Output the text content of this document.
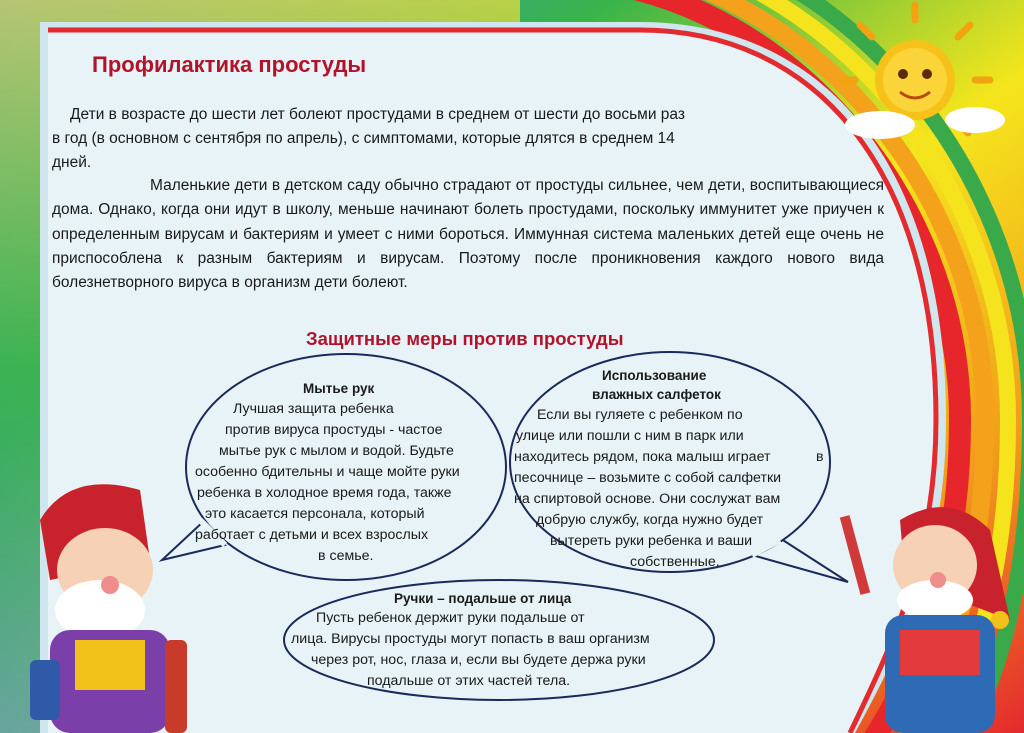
Профилактика простуды
Дети в возрасте до шести лет болеют простудами в среднем от шести до восьми раз
в год (в основном с сентября по апрель), с симптомами, которые длятся в среднем 14
дней.
Маленькие дети в детском саду обычно страдают от простуды сильнее, чем дети, воспитывающиеся дома. Однако, когда они идут в школу, меньше начинают болеть простудами, поскольку иммунитет уже приучен к определенным вирусам и бактериям и умеет с ними бороться. Иммунная система маленьких детей еще очень не приспособлена к разным бактериям и вирусам. Поэтому после проникновения каждого нового вида болезнетворного вируса в организм дети болеют.
Защитные меры против простуды
Мытье рук
Лучшая защита ребенка
против вируса простуды - частое
мытье рук с мылом и водой. Будьте
особенно бдительны и чаще мойте руки
ребенка в холодное время года, также
это касается персонала, который
работает с детьми и всех взрослых
в семье.
Использование
влажных салфеток
Если вы гуляете с ребенком по
улице или пошли с ним в парк или
находитесь рядом, пока малыш играет	в
песочнице – возьмите с собой салфетки
на спиртовой основе. Они сослужат вам
добрую службу, когда нужно будет
вытереть руки ребенка и ваши
собственные.
Ручки – подальше от лица
Пусть ребенок держит руки подальше от
лица. Вирусы простуды могут попасть в ваш организм
через рот, нос, глаза и, если вы будете держа руки
подальше от этих частей тела.
